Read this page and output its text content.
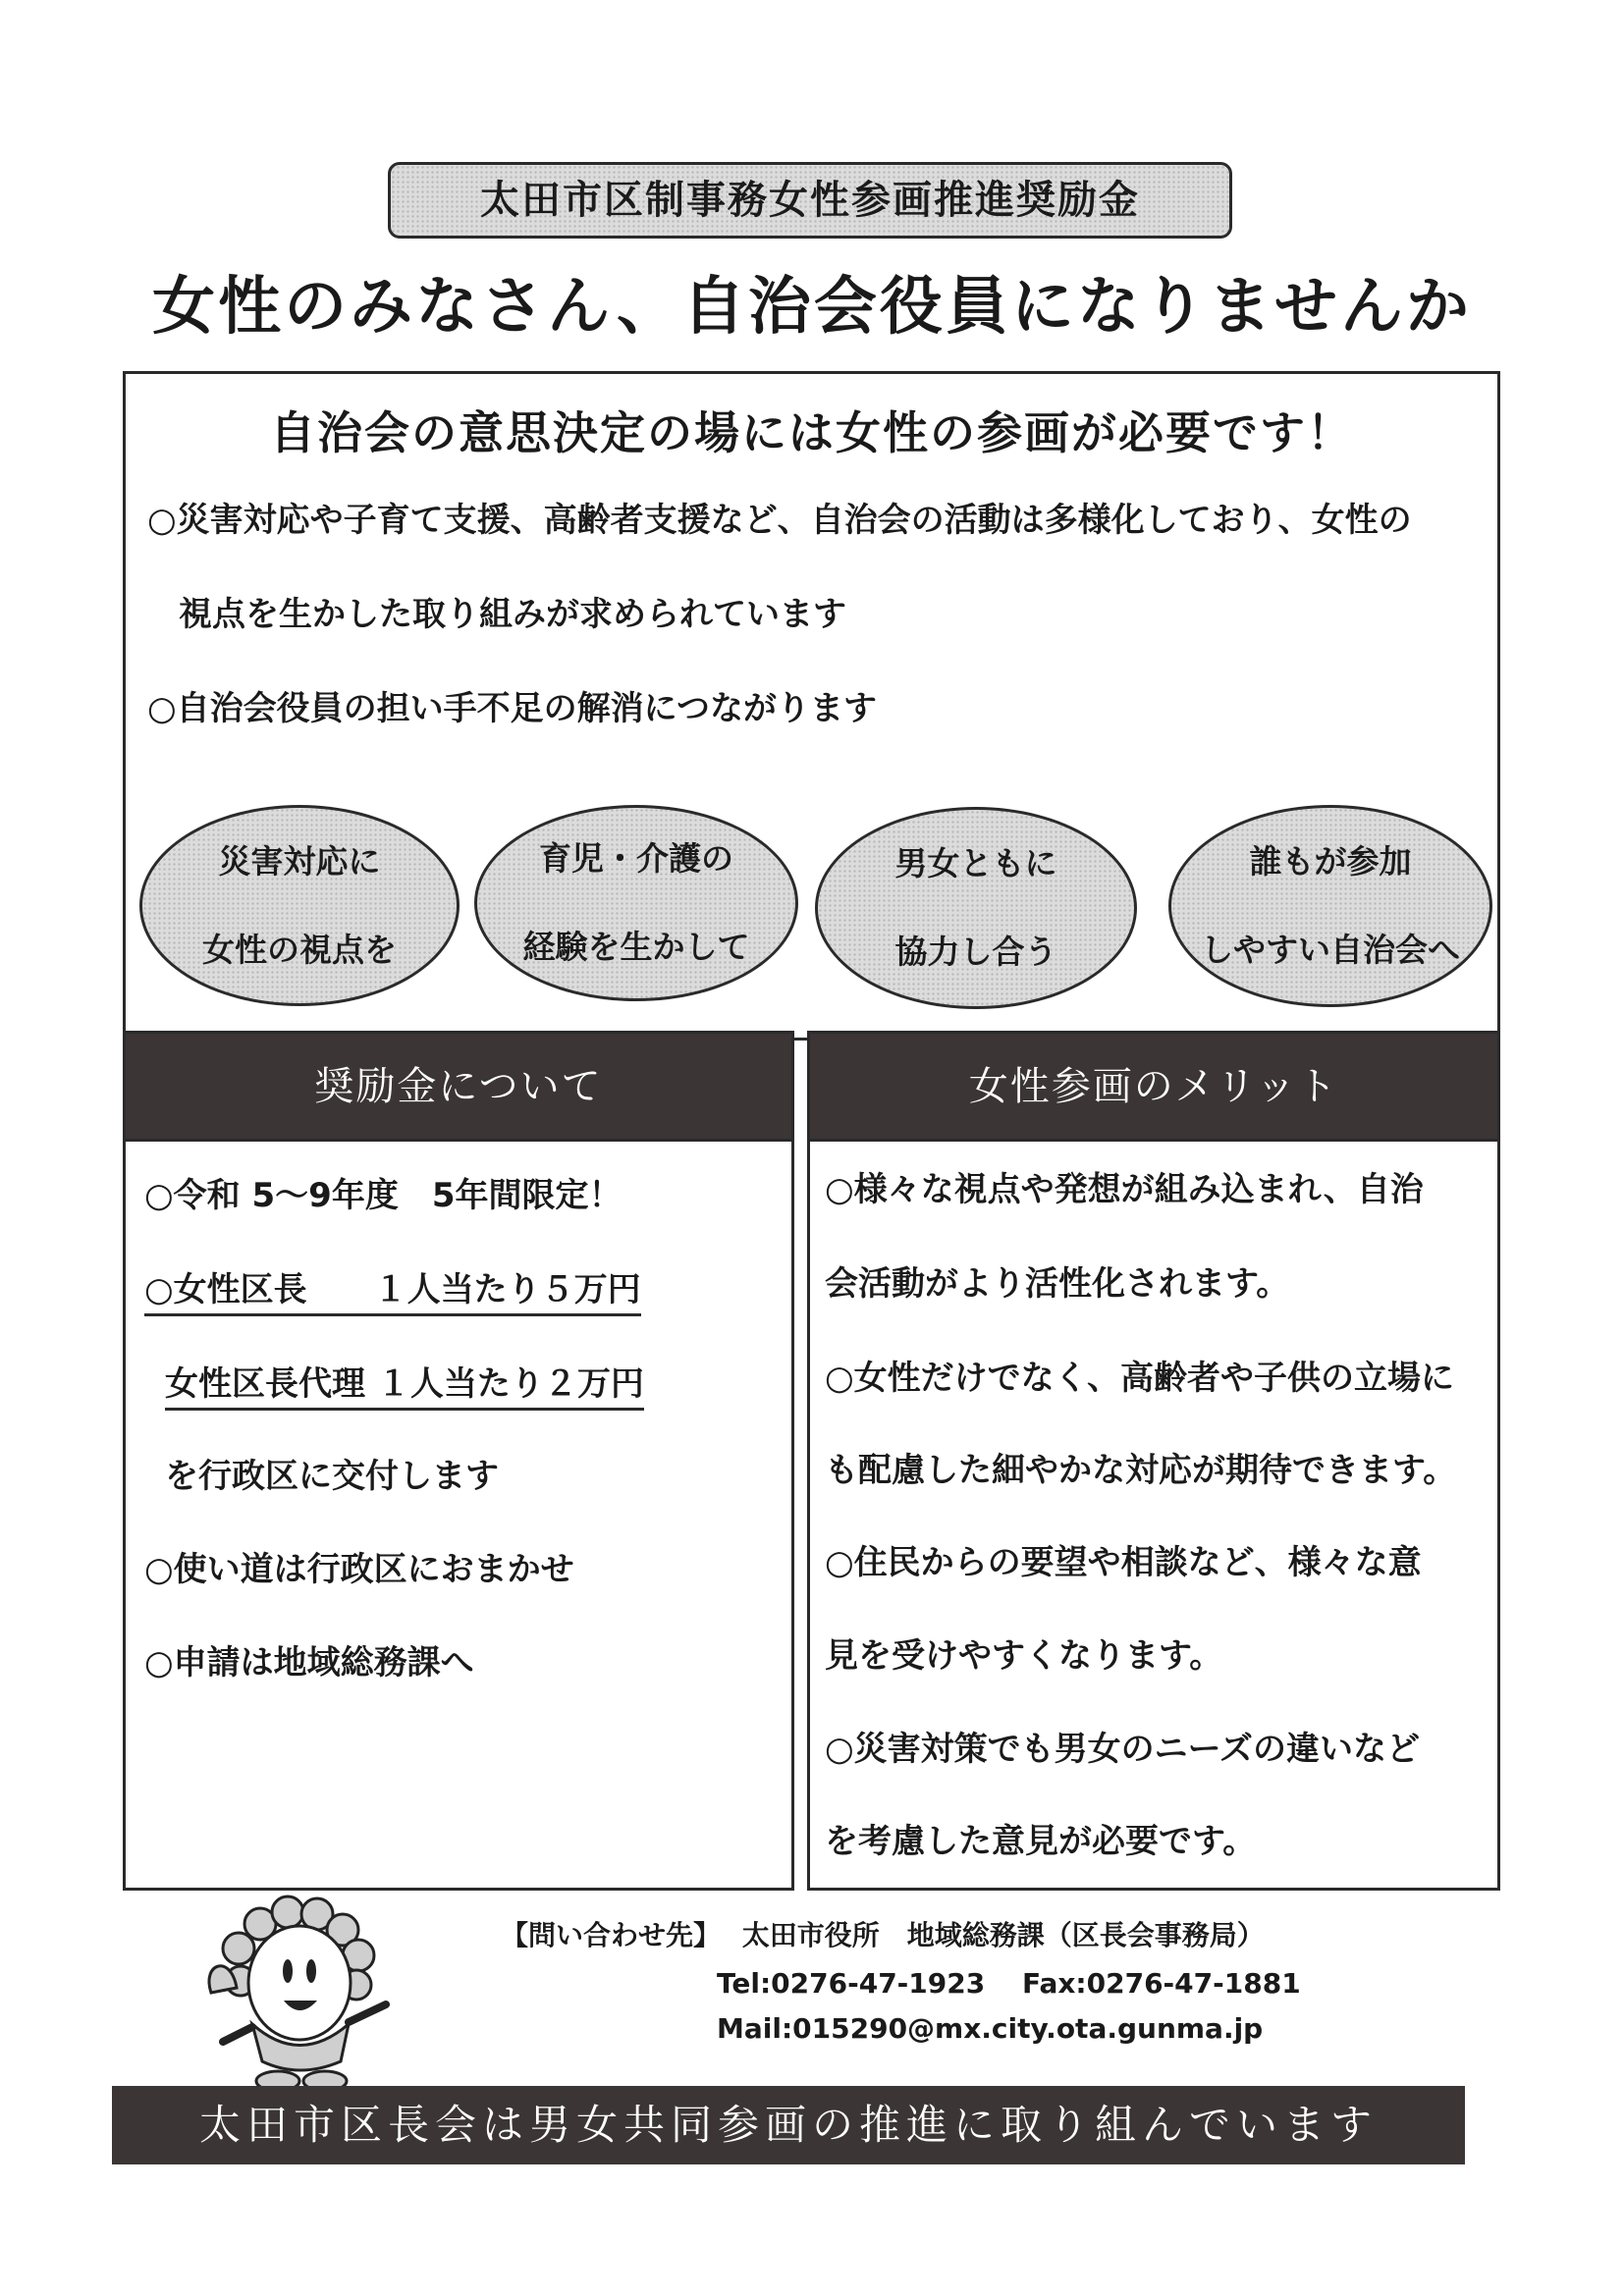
太田市区制事務女性参画推進奨励金
女性のみなさん、自治会役員になりませんか
自治会の意思決定の場には女性の参画が必要です！
○災害対応や子育て支援、高齢者支援など、自治会の活動は多様化しており、女性の
視点を生かした取り組みが求められています
○自治会役員の担い手不足の解消につながります
災害対応に
女性の視点を
育児・介護の
経験を生かして
男女ともに
協力し合う
誰もが参加
しやすい自治会へ
奨励金について
○令和 5～9年度　5年間限定！
○女性区長　　１人当たり５万円
女性区長代理 １人当たり２万円
を行政区に交付します
○使い道は行政区におまかせ
○申請は地域総務課へ
女性参画のメリット
○様々な視点や発想が組み込まれ、自治
会活動がより活性化されます。
○女性だけでなく、高齢者や子供の立場に
も配慮した細やかな対応が期待できます。
○住民からの要望や相談など、様々な意
見を受けやすくなります。
○災害対策でも男女のニーズの違いなど
を考慮した意見が必要です。
【問い合わせ先】 太田市役所　地域総務課（区長会事務局）
Tel:0276-47-1923 Fax:0276-47-1881
Mail:015290@mx.city.ota.gunma.jp
太田市区長会は男女共同参画の推進に取り組んでいます
